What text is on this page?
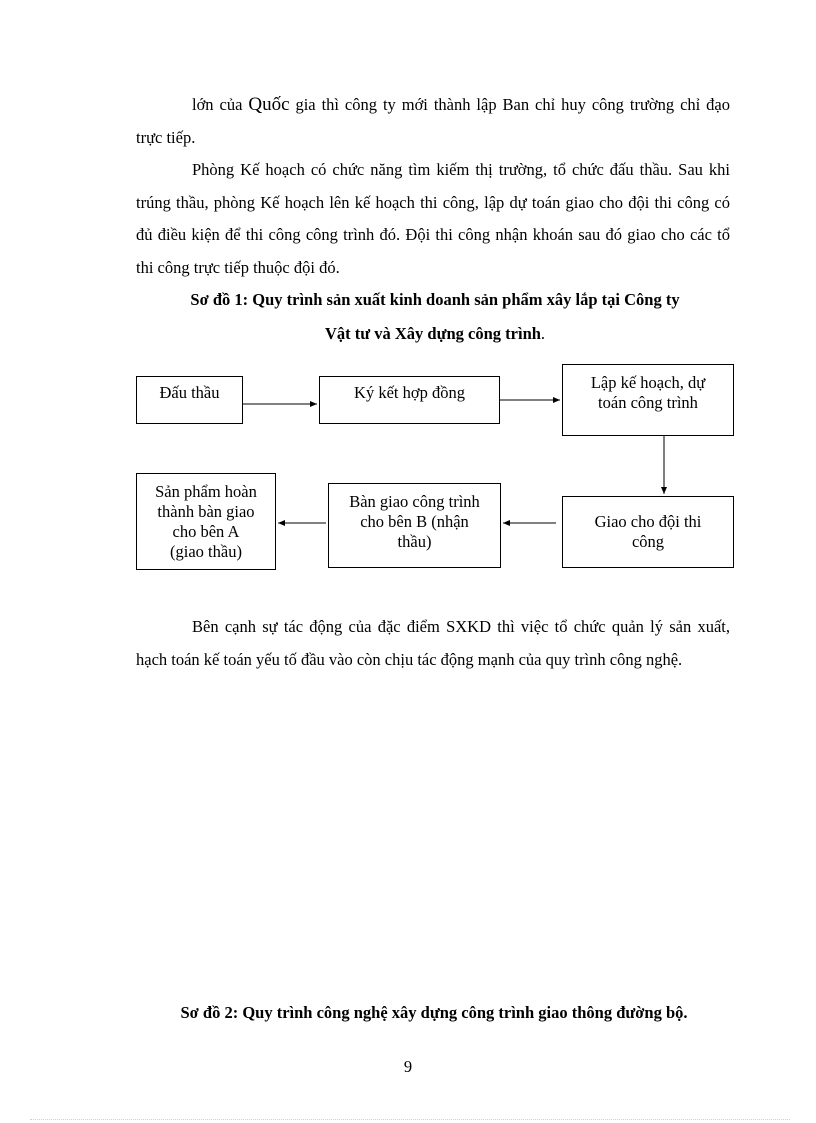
lớn của Quốc gia thì công ty mới thành lập Ban chỉ huy công trường chỉ đạo trực tiếp.

Phòng Kế hoạch có chức năng tìm kiếm thị trường, tổ chức đấu thầu. Sau khi trúng thầu, phòng Kế hoạch lên kế hoạch thi công, lập dự toán giao cho đội thi công có đủ điều kiện để thi công công trình đó. Đội thi công nhận khoán sau đó giao cho các tổ thi công trực tiếp thuộc đội đó.

Sơ đồ 1: Quy trình sản xuất kinh doanh sản phẩm xây lắp tại Công ty

Vật tư và Xây dựng công trình.

Đấu thầu	Ký kết hợp đồng
Lập kế hoạch, dự
toán công trình
Giao cho đội thi
công
Bàn giao công trình
cho bên B (nhận
thầu)
Sản phẩm hoàn
thành bàn giao
cho bên A
(giao thầu)

Bên cạnh sự tác động của đặc điểm SXKD thì việc tổ chức quản lý sản xuất, hạch toán kế toán yếu tố đầu vào còn chịu tác động mạnh của quy trình công nghệ.

Sơ đồ 2: Quy trình công nghệ xây dựng công trình giao thông đường bộ.

9
